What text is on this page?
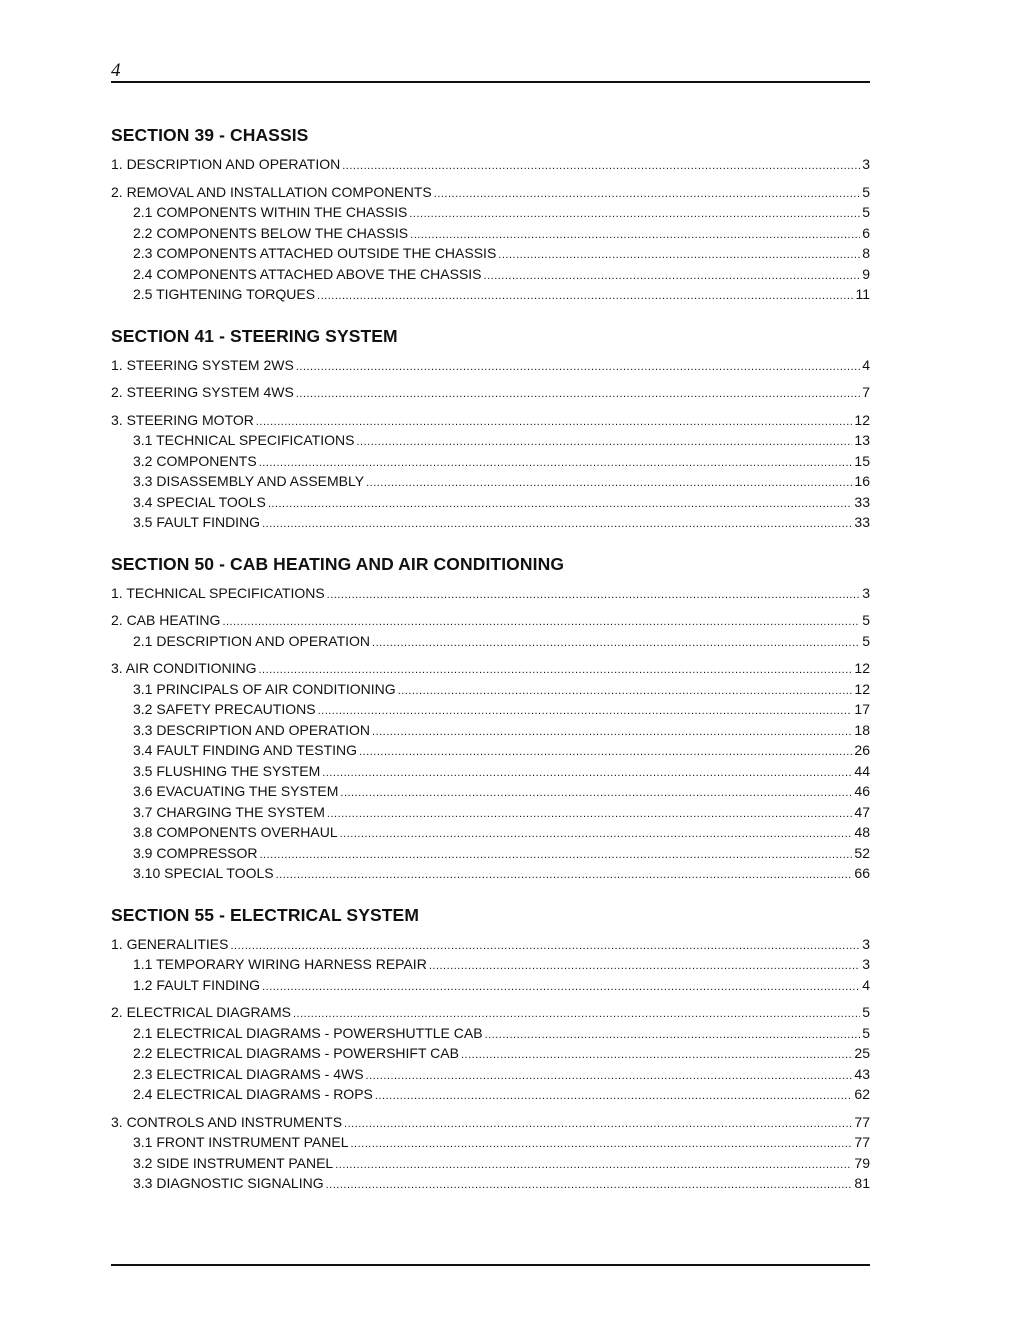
4
SECTION 39 - CHASSIS
1. DESCRIPTION AND OPERATION .....	3
2. REMOVAL AND INSTALLATION COMPONENTS .....	5
2.1 COMPONENTS WITHIN THE CHASSIS .....	5
2.2 COMPONENTS BELOW THE CHASSIS .....	6
2.3 COMPONENTS ATTACHED OUTSIDE THE CHASSIS .....	8
2.4 COMPONENTS ATTACHED ABOVE THE CHASSIS .....	9
2.5 TIGHTENING TORQUES .....	11
SECTION 41 - STEERING SYSTEM
1. STEERING SYSTEM 2WS .....	4
2. STEERING SYSTEM 4WS .....	7
3. STEERING MOTOR .....	12
3.1 TECHNICAL SPECIFICATIONS .....	13
3.2 COMPONENTS .....	15
3.3 DISASSEMBLY AND ASSEMBLY .....	16
3.4 SPECIAL TOOLS .....	33
3.5 FAULT FINDING .....	33
SECTION 50 - CAB HEATING AND AIR CONDITIONING
1. TECHNICAL SPECIFICATIONS .....	3
2. CAB HEATING .....	5
2.1 DESCRIPTION AND OPERATION .....	5
3. AIR CONDITIONING .....	12
3.1 PRINCIPALS OF AIR CONDITIONING .....	12
3.2 SAFETY PRECAUTIONS .....	17
3.3 DESCRIPTION AND OPERATION .....	18
3.4 FAULT FINDING AND TESTING .....	26
3.5 FLUSHING THE SYSTEM .....	44
3.6 EVACUATING THE SYSTEM .....	46
3.7 CHARGING THE SYSTEM .....	47
3.8 COMPONENTS OVERHAUL .....	48
3.9 COMPRESSOR .....	52
3.10 SPECIAL TOOLS .....	66
SECTION 55 - ELECTRICAL SYSTEM
1. GENERALITIES .....	3
1.1 TEMPORARY WIRING HARNESS REPAIR .....	3
1.2 FAULT FINDING .....	4
2. ELECTRICAL DIAGRAMS .....	5
2.1 ELECTRICAL DIAGRAMS - POWERSHUTTLE CAB .....	5
2.2 ELECTRICAL DIAGRAMS - POWERSHIFT CAB .....	25
2.3 ELECTRICAL DIAGRAMS - 4WS .....	43
2.4 ELECTRICAL DIAGRAMS - ROPS .....	62
3. CONTROLS AND INSTRUMENTS .....	77
3.1 FRONT INSTRUMENT PANEL .....	77
3.2 SIDE INSTRUMENT PANEL .....	79
3.3 DIAGNOSTIC SIGNALING .....	81
